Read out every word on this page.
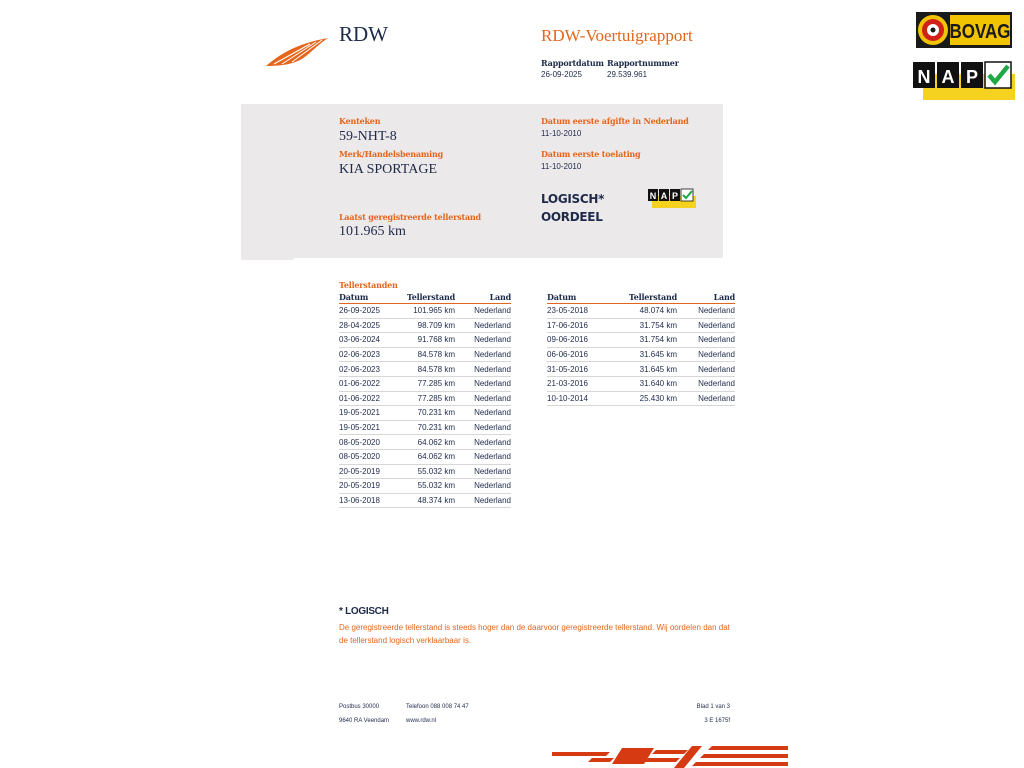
RDW	RDW-Voertuigrapport
Rapportdatum
26-09-2025
Rapportnummer
29.539.961
BOVAG
N A P
Kenteken
59-NHT-8
Merk/Handelsbenaming
KIA SPORTAGE
Datum eerste afgifte in Nederland
11-10-2010
Datum eerste toelating
11-10-2010
LOGISCH*
OORDEEL
N A P
Laatst geregistreerde tellerstand
101.965 km
Tellerstanden
Datum	Tellerstand	Land
26-09-2025	101.965 km	Nederland
28-04-2025	98.709 km	Nederland
03-06-2024	91.768 km	Nederland
02-06-2023	84.578 km	Nederland
02-06-2023	84.578 km	Nederland
01-06-2022	77.285 km	Nederland
01-06-2022	77.285 km	Nederland
19-05-2021	70.231 km	Nederland
19-05-2021	70.231 km	Nederland
08-05-2020	64.062 km	Nederland
08-05-2020	64.062 km	Nederland
20-05-2019	55.032 km	Nederland
20-05-2019	55.032 km	Nederland
13-06-2018	48.374 km	Nederland
Datum	Tellerstand	Land
23-05-2018	48.074 km	Nederland
17-06-2016	31.754 km	Nederland
09-06-2016	31.754 km	Nederland
06-06-2016	31.645 km	Nederland
31-05-2016	31.645 km	Nederland
21-03-2016	31.640 km	Nederland
10-10-2014	25.430 km	Nederland
* LOGISCH
De geregistreerde tellerstand is steeds hoger dan de daarvoor geregistreerde tellerstand. Wij oordelen dan dat de tellerstand logisch verklaarbaar is.
Postbus 30000
9640 RA Veendam
Telefoon 088 008 74 47
www.rdw.nl
Blad 1 van 3
3 E 1675f
